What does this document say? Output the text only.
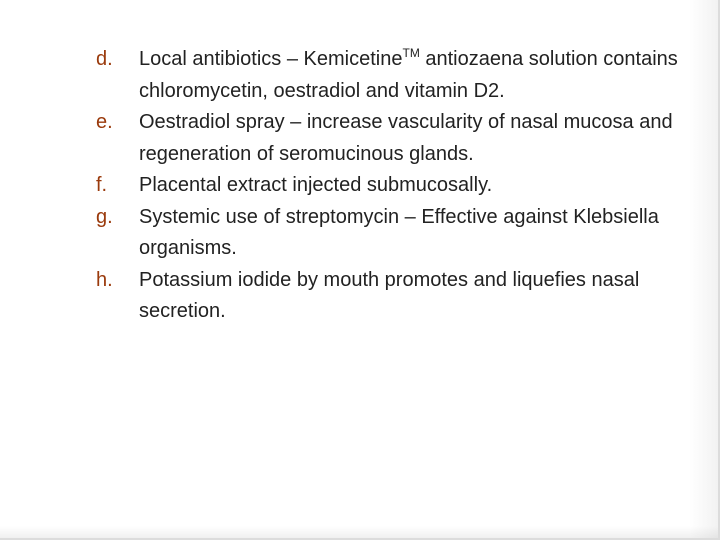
d.	Local antibiotics – Kemicetine™ antiozaena solution contains chloromycetin, oestradiol and vitamin D2.
e.	Oestradiol spray – increase vascularity of nasal mucosa and regeneration of seromucinous glands.
f.	Placental extract injected submucosally.
g.	Systemic use of streptomycin – Effective against Klebsiella organisms.
h.	Potassium iodide by mouth promotes and liquefies nasal secretion.
